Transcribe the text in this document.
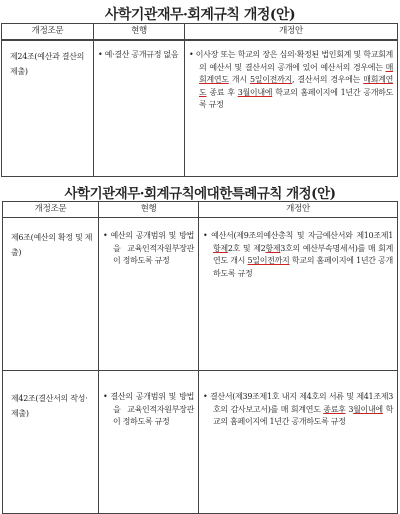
사학기관재무·회계규칙 개정(안)
개정조문	현행	개정안
제24조(예산과 결산의 제출)	• 예·결산 공개규정 없음	• 이사장 또는 학교의 장은 심의·확정된 법인회계 및 학교회계의 예산서 및 결산서의 공개에 있어 예산서의 경우에는 매회계연도 개시 5일이전까지, 결산서의 경우에는 매회계연도 종료 후 3월이내에 학교의 홈페이지에 1년간 공개하도록 규정
사학기관재무·회계규칙에대한특례규칙 개정(안)
개정조문	현행	개정안
제6조(예산의 확정 및 제출)	• 예산의 공개범위 및 방법을 교육인적자원부장관이 정하도록 규정	• 예산서(제9조의예산총칙 및 자금예산서와 제10조제1항제2호 및 제2항제3호의 예산부속명세서)를 매 회계연도 개시 5일이전까지 학교의 홈페이지에 1년간 공개하도록 규정
제42조(결산서의 작성·제출)	• 결산의 공개범위 및 방법을 교육인적자원부장관이 정하도록 규정	• 결산서(제39조제1호 내지 제4호의 서류 및 제41조제3호의 감사보고서)를 매 회계연도 종료후 3월이내에 학교의 홈페이지에 1년간 공개하도록 규정
